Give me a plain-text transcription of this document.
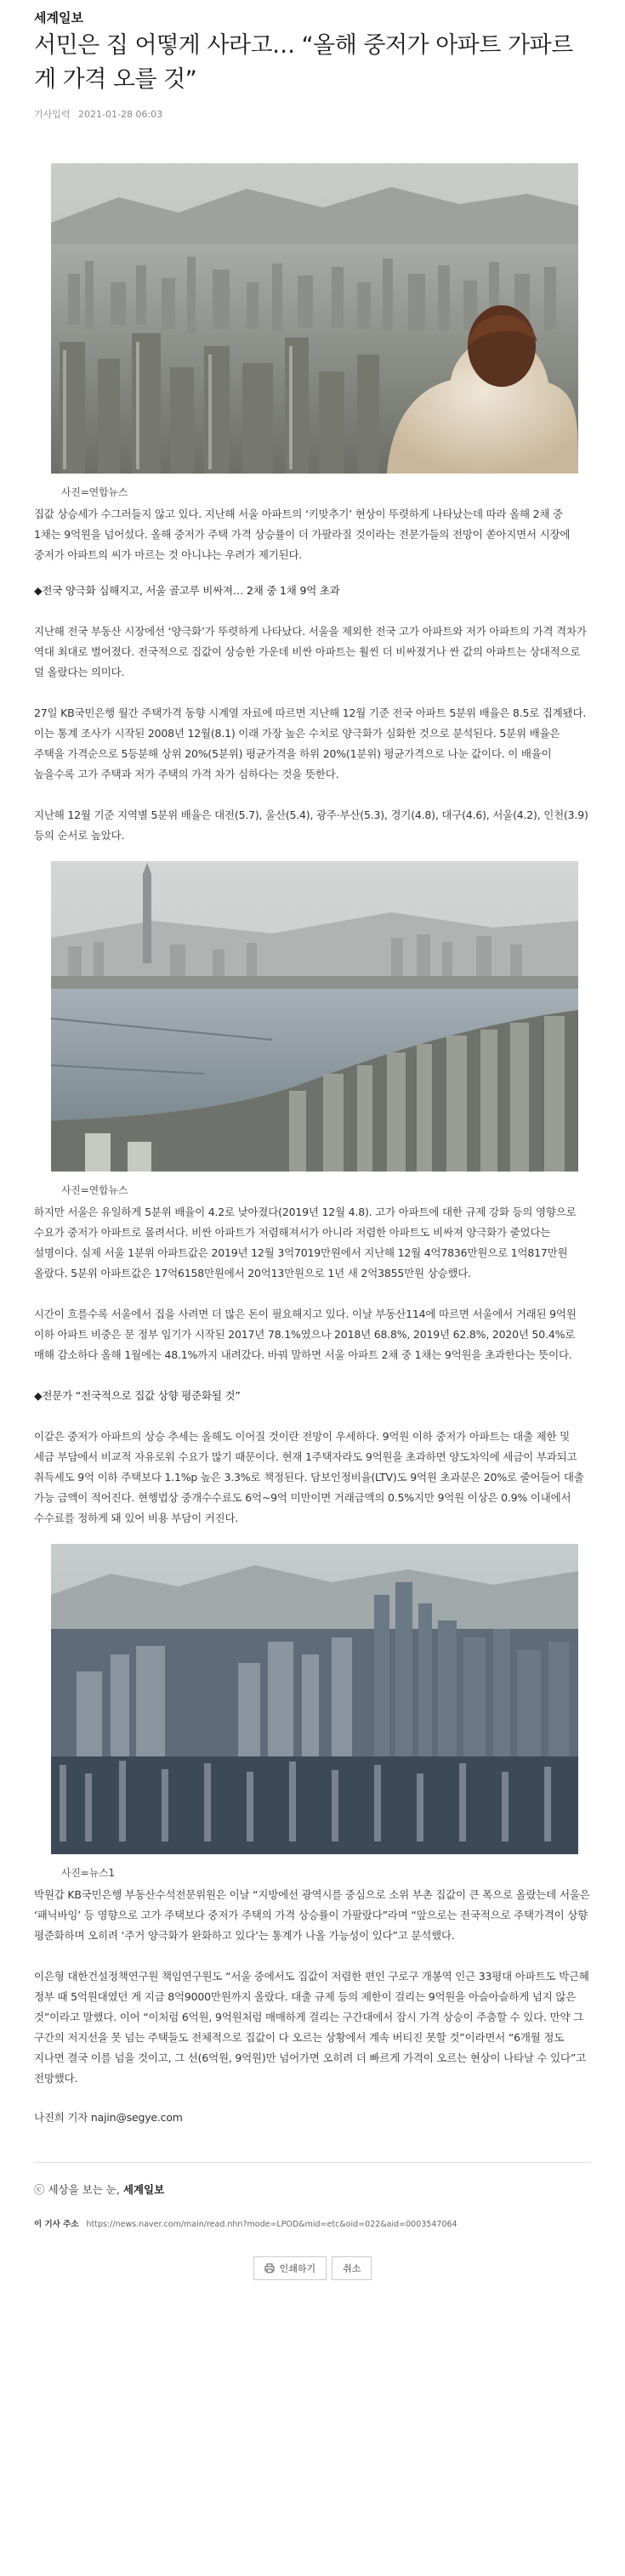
세계일보
서민은 집 어떻게 사라고… “올해 중저가 아파트 가파르게 가격 오를 것”
기사입력 2021-01-28 06:03
사진=연합뉴스

집값 상승세가 수그러들지 않고 있다. 지난해 서울 아파트의 ‘키맞추기’ 현상이 뚜렷하게 나타났는데 따라 올해 2채 중 1채는 9억원을 넘어섰다. 올해 중저가 주택 가격 상승률이 더 가팔라질 것이라는 전문가들의 전망이 쏟아지면서 시장에 중저가 아파트의 씨가 마르는 것 아니냐는 우려가 제기된다.

◆전국 양극화 심해지고, 서울 골고루 비싸져… 2채 중 1채 9억 초과

지난해 전국 부동산 시장에선 ‘양극화’가 뚜렷하게 나타났다. 서울을 제외한 전국 고가 아파트와 저가 아파트의 가격 격차가 역대 최대로 벌어졌다. 전국적으로 집값이 상승한 가운데 비싼 아파트는 훨씬 더 비싸졌거나 싼 값의 아파트는 상대적으로 덜 올랐다는 의미다.

27일 KB국민은행 월간 주택가격 동향 시계열 자료에 따르면 지난해 12월 기준 전국 아파트 5분위 배율은 8.5로 집계됐다. 이는 통계 조사가 시작된 2008년 12월(8.1) 이래 가장 높은 수치로 양극화가 심화한 것으로 분석된다. 5분위 배율은 주택을 가격순으로 5등분해 상위 20%(5분위) 평균가격을 하위 20%(1분위) 평균가격으로 나눈 값이다. 이 배율이 높을수록 고가 주택과 저가 주택의 가격 차가 심하다는 것을 뜻한다.

지난해 12월 기준 지역별 5분위 배율은 대전(5.7), 울산(5.4), 광주·부산(5.3), 경기(4.8), 대구(4.6), 서울(4.2), 인천(3.9) 등의 순서로 높았다.

사진=연합뉴스

하지만 서울은 유일하게 5분위 배율이 4.2로 낮아졌다(2019년 12월 4.8). 고가 아파트에 대한 규제 강화 등의 영향으로 수요가 중저가 아파트로 몰려서다. 비싼 아파트가 저렴해져서가 아니라 저렴한 아파트도 비싸져 양극화가 줄었다는 설명이다. 실제 서울 1분위 아파트값은 2019년 12월 3억7019만원에서 지난해 12월 4억7836만원으로 1억817만원 올랐다. 5분위 아파트값은 17억6158만원에서 20억13만원으로 1년 새 2억3855만원 상승했다.

시간이 흐를수록 서울에서 집을 사려면 더 많은 돈이 필요해지고 있다. 이날 부동산114에 따르면 서울에서 거래된 9억원 이하 아파트 비중은 문 정부 임기가 시작된 2017년 78.1%였으나 2018년 68.8%, 2019년 62.8%, 2020년 50.4%로 매해 감소하다 올해 1월에는 48.1%까지 내려갔다. 바꿔 말하면 서울 아파트 2채 중 1채는 9억원을 초과한다는 뜻이다.

◆전문가 “전국적으로 집값 상향 평준화될 것”

이같은 중저가 아파트의 상승 추세는 올해도 이어질 것이란 전망이 우세하다. 9억원 이하 중저가 아파트는 대출 제한 및 세금 부담에서 비교적 자유로워 수요가 많기 때문이다. 현재 1주택자라도 9억원을 초과하면 양도차익에 세금이 부과되고 취득세도 9억 이하 주택보다 1.1%p 높은 3.3%로 책정된다. 담보인정비율(LTV)도 9억원 초과분은 20%로 줄어들어 대출 가능 금액이 적어진다. 현행법상 중개수수료도 6억~9억 미만이면 거래금액의 0.5%지만 9억원 이상은 0.9% 이내에서 수수료를 정하게 돼 있어 비용 부담이 커진다.

사진=뉴스1

박원갑 KB국민은행 부동산수석전문위원은 이날 “지방에선 광역시를 중심으로 소위 부촌 집값이 큰 폭으로 올랐는데 서울은 ‘패닉바잉’ 등 영향으로 고가 주택보다 중저가 주택의 가격 상승률이 가팔랐다”라며 “앞으로는 전국적으로 주택가격이 상향 평준화하며 오히려 ‘주거 양극화가 완화하고 있다’는 통계가 나올 가능성이 있다”고 분석했다.

이은형 대한건설정책연구원 책임연구원도 “서울 중에서도 집값이 저렴한 편인 구로구 개봉역 인근 33평대 아파트도 박근혜 정부 때 5억원대였던 게 지금 8억9000만원까지 올랐다. 대출 규제 등의 제한이 걸리는 9억원을 아슬아슬하게 넘지 않은 것”이라고 말했다. 이어 “이처럼 6억원, 9억원처럼 매매하게 걸리는 구간대에서 잠시 가격 상승이 주춤할 수 있다. 만약 그 구간의 저지선을 못 넘는 주택들도 전체적으로 집값이 다 오르는 상황에서 계속 버티진 못할 것”이라면서 “6개월 정도 지나면 결국 이를 넘을 것이고, 그 선(6억원, 9억원)만 넘어가면 오히려 더 빠르게 가격이 오르는 현상이 나타날 수 있다”고 전망했다.

나진희 기자 najin@segye.com

ⓒ 세상을 보는 눈, 세계일보
이 기사 주소 https://news.naver.com/main/read.nhn?mode=LPOD&mid=etc&oid=022&aid=0003547064
인쇄하기	취소
